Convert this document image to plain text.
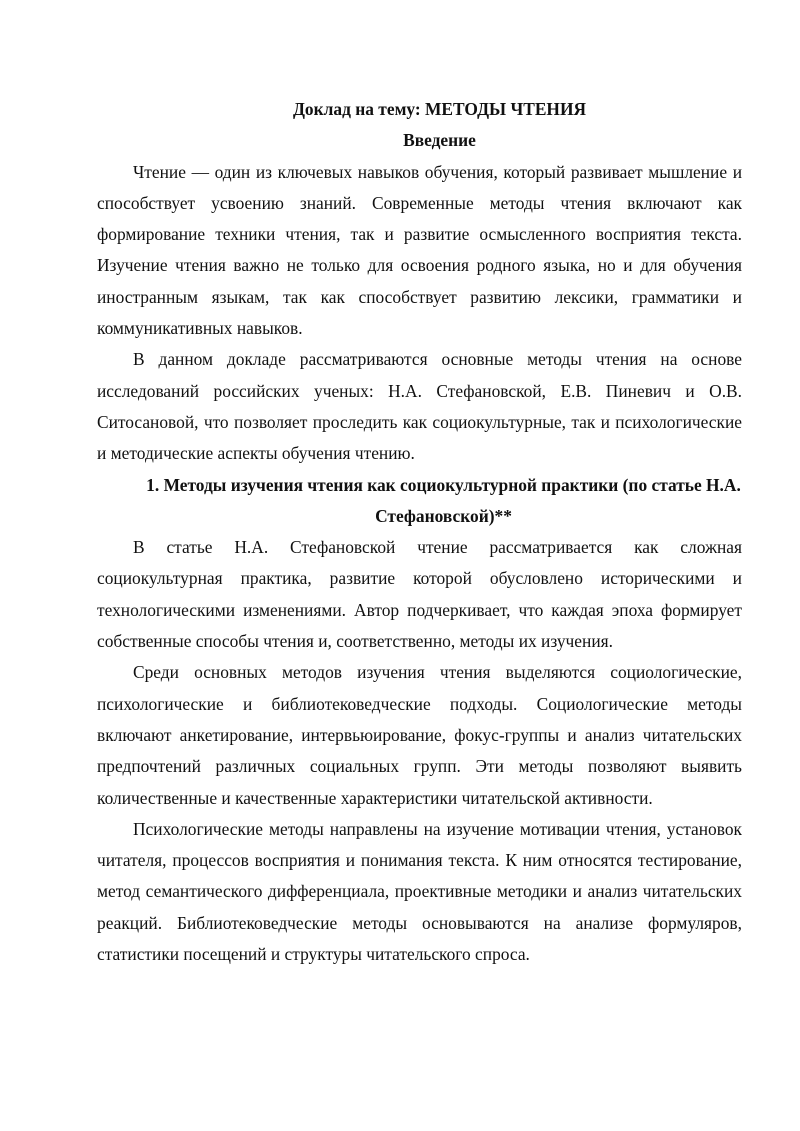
Доклад на тему: МЕТОДЫ ЧТЕНИЯ
Введение

Чтение — один из ключевых навыков обучения, который развивает мышление и способствует усвоению знаний. Современные методы чтения включают как формирование техники чтения, так и развитие осмысленного восприятия текста. Изучение чтения важно не только для освоения родного языка, но и для обучения иностранным языкам, так как способствует развитию лексики, грамматики и коммуникативных навыков.

В данном докладе рассматриваются основные методы чтения на основе исследований российских ученых: Н.А. Стефановской, Е.В. Пиневич и О.В. Ситосановой, что позволяет проследить как социокультурные, так и психологические и методические аспекты обучения чтению.

1. Методы изучения чтения как социокультурной практики (по статье Н.А. Стефановской)**

В статье Н.А. Стефановской чтение рассматривается как сложная социокультурная практика, развитие которой обусловлено историческими и технологическими изменениями. Автор подчеркивает, что каждая эпоха формирует собственные способы чтения и, соответственно, методы их изучения.

Среди основных методов изучения чтения выделяются социологические, психологические и библиотековедческие подходы. Социологические методы включают анкетирование, интервьюирование, фокус-группы и анализ читательских предпочтений различных социальных групп. Эти методы позволяют выявить количественные и качественные характеристики читательской активности.

Психологические методы направлены на изучение мотивации чтения, установок читателя, процессов восприятия и понимания текста. К ним относятся тестирование, метод семантического дифференциала, проективные методики и анализ читательских реакций. Библиотековедческие методы основываются на анализе формуляров, статистики посещений и структуры читательского спроса.
